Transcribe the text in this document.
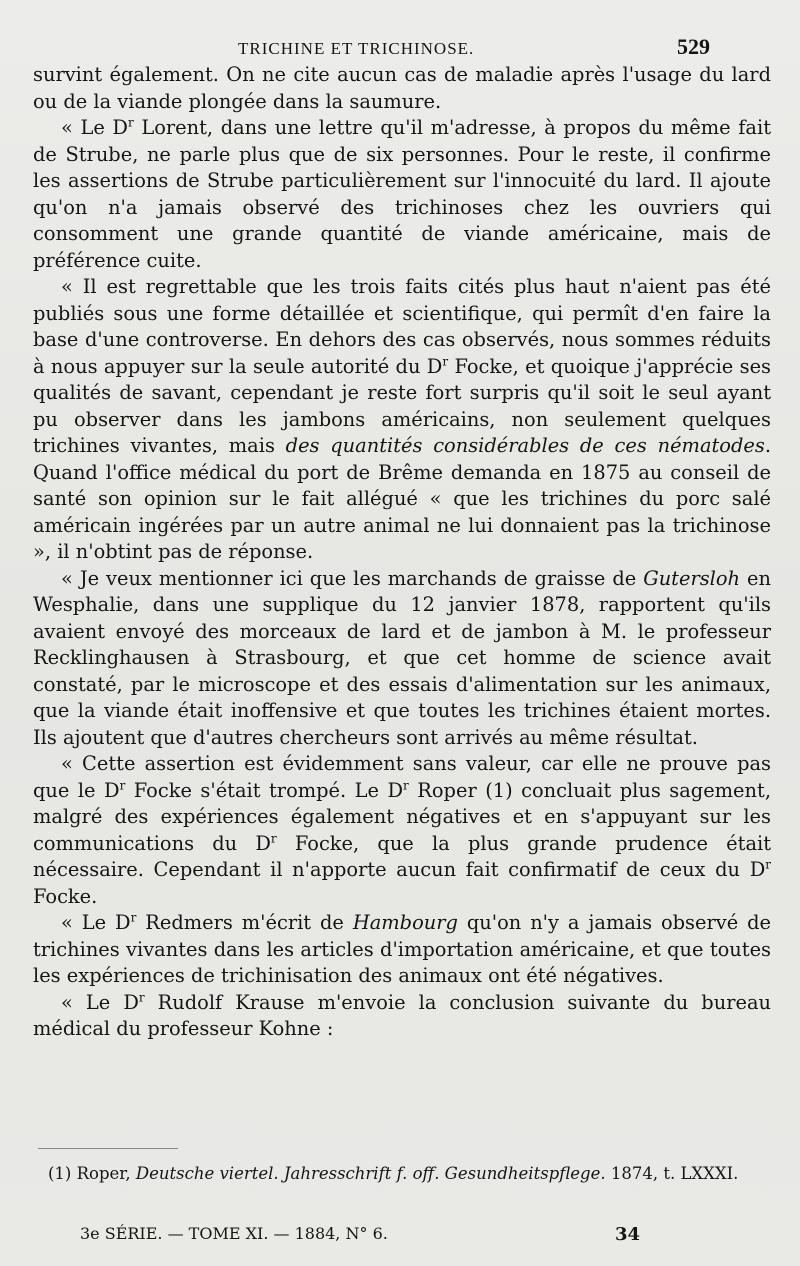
TRICHINE ET TRICHINOSE.	529

survint également. On ne cite aucun cas de maladie après l'usage du lard ou de la viande plongée dans la saumure.

« Le $D^r$ Lorent, dans une lettre qu'il m'adresse, à propos du même fait de Strube, ne parle plus que de six personnes. Pour le reste, il confirme les assertions de Strube particulièrement sur l'innocuité du lard. Il ajoute qu'on n'a jamais observé des trichinoses chez les ouvriers qui consomment une grande quantité de viande américaine, mais de préférence cuite.

« Il est regrettable que les trois faits cités plus haut n'aient pas été publiés sous une forme détaillée et scientifique, qui permît d'en faire la base d'une controverse. En dehors des cas observés, nous sommes réduits à nous appuyer sur la seule autorité du $D^r$ Focke, et quoique j'apprécie ses qualités de savant, cependant je reste fort surpris qu'il soit le seul ayant pu observer dans les jambons américains, non seulement quelques trichines vivantes, mais des quantités considérables de ces nématodes. Quand l'office médical du port de Brême demanda en 1875 au conseil de santé son opinion sur le fait allégué « que les trichines du porc salé américain ingérées par un autre animal ne lui donnaient pas la trichinose », il n'obtint pas de réponse.

« Je veux mentionner ici que les marchands de graisse de Gutersloh en Wesphalie, dans une supplique du 12 janvier 1878, rapportent qu'ils avaient envoyé des morceaux de lard et de jambon à M. le professeur Recklinghausen à Strasbourg, et que cet homme de science avait constaté, par le microscope et des essais d'alimentation sur les animaux, que la viande était inoffensive et que toutes les trichines étaient mortes. Ils ajoutent que d'autres chercheurs sont arrivés au même résultat.

« Cette assertion est évidemment sans valeur, car elle ne prouve pas que le $D^r$ Focke s'était trompé. Le $D^r$ Roper (1) concluait plus sagement, malgré des expériences également négatives et en s'appuyant sur les communications du $D^r$ Focke, que la plus grande prudence était nécessaire. Cependant il n'apporte aucun fait confirmatif de ceux du $D^r$ Focke.

« Le $D^r$ Redmers m'écrit de Hambourg qu'on n'y a jamais observé de trichines vivantes dans les articles d'importation américaine, et que toutes les expériences de trichinisation des animaux ont été négatives.

« Le $D^r$ Rudolf Krause m'envoie la conclusion suivante du bureau médical du professeur Kohne :

(1) Roper, Deutsche viertel. Jahresschrift f. off. Gesundheitspflege. 1874, t. LXXXI.
3e SÉRIE. — TOME XI. — 1884, N° 6.	34
